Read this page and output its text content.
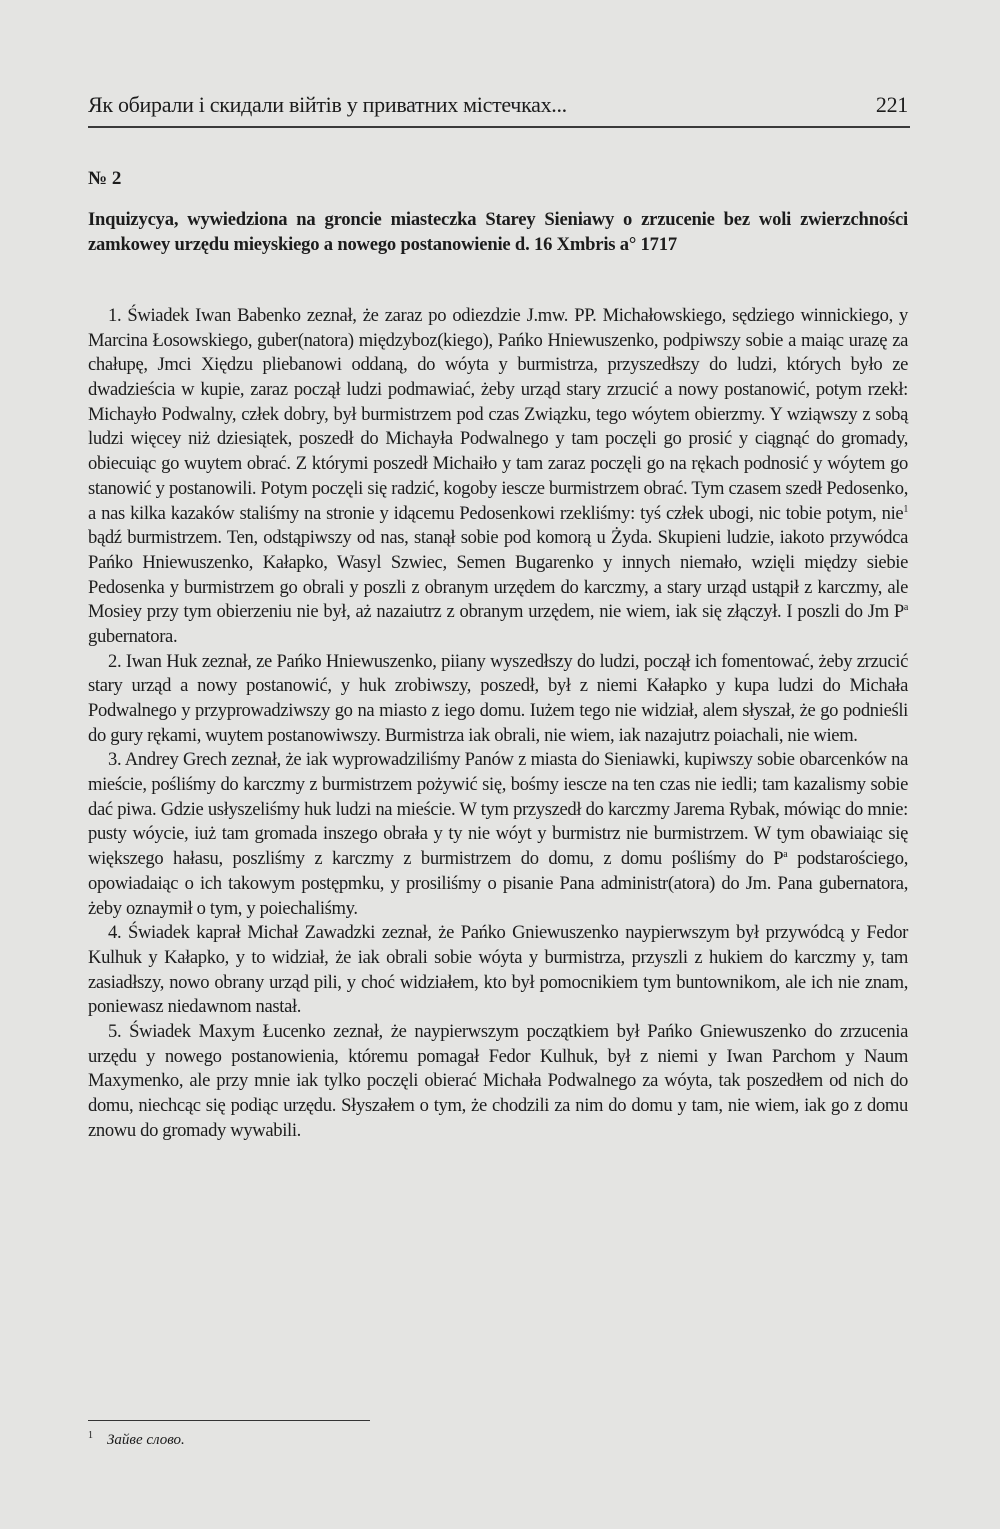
Як обирали і скидали війтів у приватних містечках...	221
№ 2
Inquizycya, wywiedziona na groncie miasteczka Starey Sieniawy o zrzucenie bez woli zwierzchności zamkowey urzędu mieyskiego a nowego postanowienie d. 16 Xmbris a° 1717

1. Świadek Iwan Babenko zeznał, że zaraz po odiezdzie J.mw. PP. Michałowskiego, sędziego winnickiego, y Marcina Łosowskiego, guber(natora) międzyboz(kiego), Pańko Hniewuszenko, podpiwszy sobie a maiąc urazę za chałupę, Jmci Xiędzu pliebanowi oddaną, do wóyta y burmistrza, przyszedłszy do ludzi, których było ze dwadzieścia w kupie, zaraz począł ludzi podmawiać, żeby urząd stary zrzucić a nowy postanowić, potym rzekł: Michayło Podwalny, człek dobry, był burmistrzem pod czas Związku, tego wóytem obierzmy. Y wziąwszy z sobą ludzi więcey niż dziesiątek, poszedł do Michayła Podwalnego y tam poczęli go prosić y ciągnąć do gromady, obiecuiąc go wuytem obrać. Z którymi poszedł Michaiło y tam zaraz poczęli go na rękach podnosić y wóytem go stanowić y postanowili. Potym poczęli się radzić, kogoby iescze burmistrzem obrać. Tym czasem szedł Pedosenko, a nas kilka kazaków staliśmy na stronie y idącemu Pedosenkowi rzekliśmy: tyś człek ubogi, nic tobie potym, nie$^1$ bądź burmistrzem. Ten, odstąpiwszy od nas, stanął sobie pod komorą u Żyda. Skupieni ludzie, iakoto przywódca Pańko Hniewuszenko, Kałapko, Wasyl Szwiec, Semen Bugarenko y innych niemało, wzięli między siebie Pedosenka y burmistrzem go obrali y poszli z obranym urzędem do karczmy, a stary urząd ustąpił z karczmy, ale Mosiey przy tym obierzeniu nie był, aż nazaiutrz z obranym urzędem, nie wiem, iak się złączył. I poszli do Jm $P^a$ gubernatora.

2. Iwan Huk zeznał, ze Pańko Hniewuszenko, piiany wyszedłszy do ludzi, począł ich fomentować, żeby zrzucić stary urząd a nowy postanowić, y huk zrobiwszy, poszedł, był z niemi Kałapko y kupa ludzi do Michała Podwalnego y przyprowadziwszy go na miasto z iego domu. Iużem tego nie widział, alem słyszał, że go podnieśli do gury rękami, wuytem postanowiwszy. Burmistrza iak obrali, nie wiem, iak nazajutrz poiachali, nie wiem.

3. Andrey Grech zeznał, że iak wyprowadziliśmy Panów z miasta do Sieniawki, kupiwszy sobie obarcenków na mieście, pośliśmy do karczmy z burmistrzem pożywić się, bośmy iescze na ten czas nie iedli; tam kazalismy sobie dać piwa. Gdzie usłyszeliśmy huk ludzi na mieście. W tym przyszedł do karczmy Jarema Rybak, mówiąc do mnie: pusty wóycie, iuż tam gromada inszego obrała y ty nie wóyt y burmistrz nie burmistrzem. W tym obawiaiąc się większego hałasu, poszliśmy z karczmy z burmistrzem do domu, z domu pośliśmy do $P^a$ podstarościego, opowiadaiąc o ich takowym postępmku, y prosiliśmy o pisanie Pana administr(atora) do Jm. Pana gubernatora, żeby oznaymił o tym, y poiechaliśmy.

4. Świadek kaprał Michał Zawadzki zeznał, że Pańko Gniewuszenko naypierwszym był przywódcą y Fedor Kulhuk y Kałapko, y to widział, że iak obrali sobie wóyta y burmistrza, przyszli z hukiem do karczmy y, tam zasiadłszy, nowo obrany urząd pili, y choć widziałem, kto był pomocnikiem tym buntownikom, ale ich nie znam, poniewasz niedawnom nastał.

5. Świadek Maxym Łucenko zeznał, że naypierwszym początkiem był Pańko Gniewuszenko do zrzucenia urzędu y nowego postanowienia, któremu pomagał Fedor Kulhuk, był z niemi y Iwan Parchom y Naum Maxymenko, ale przy mnie iak tylko poczęli obierać Michała Podwalnego za wóyta, tak poszedłem od nich do domu, niechcąc się podiąc urzędu. Słyszałem o tym, że chodzili za nim do domu y tam, nie wiem, iak go z domu znowu do gromady wywabili.

$^1$ Зайве слово.
